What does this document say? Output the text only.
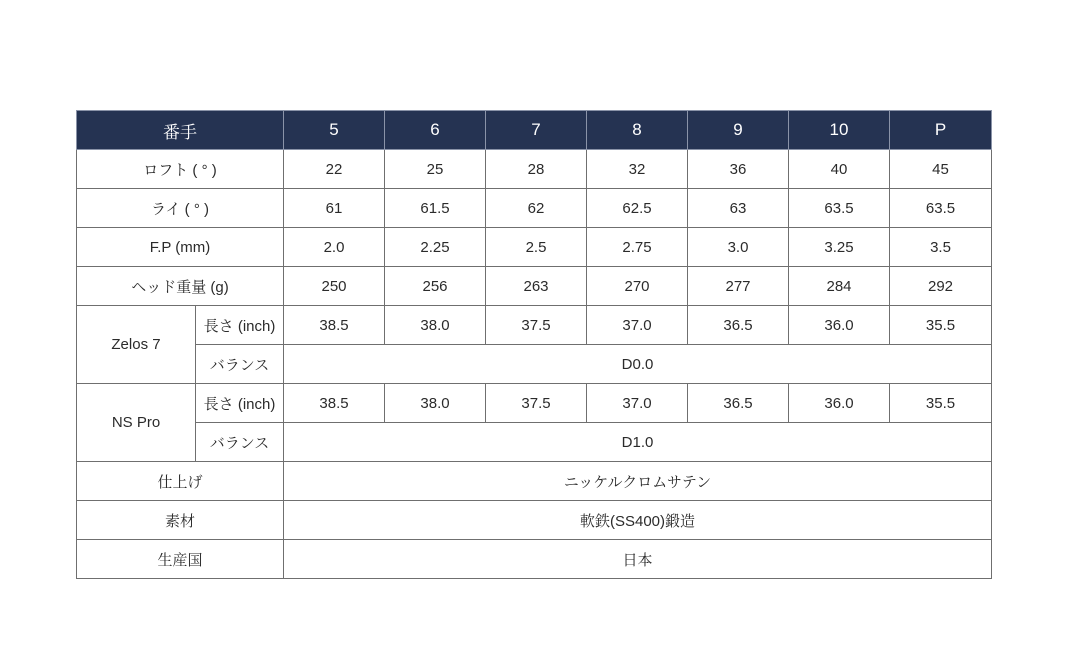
番手		5	6	7	8	9	10	P
ロフト ( ° )		22	25	28	32	36	40	45
ライ ( ° )		61	61.5	62	62.5	63	63.5	63.5
F.P (mm)		2.0	2.25	2.5	2.75	3.0	3.25	3.5
ヘッド重量 (g)		250	256	263	270	277	284	292
Zelos 7	長さ (inch)	38.5	38.0	37.5	37.0	36.5	36.0	35.5
	バランス	D0.0						
NS Pro	長さ (inch)	38.5	38.0	37.5	37.0	36.5	36.0	35.5
	バランス	D1.0						
仕上げ		ニッケルクロムサテン						
素材		軟鉄(SS400)鍛造						
生産国		日本						
